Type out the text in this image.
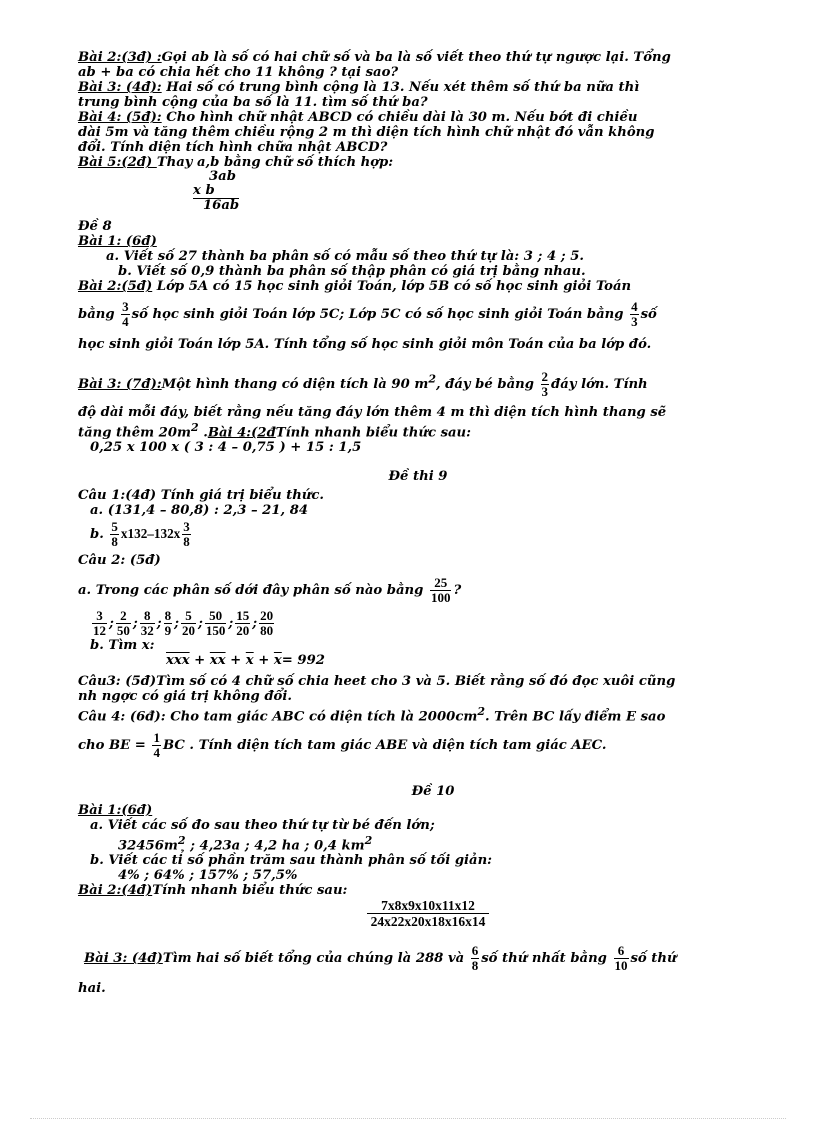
Bài 2:(3đ) :Gọi ab là số có hai chữ số và ba là số viết theo thứ tự ngược lại. Tổng

ab + ba có chia hết cho 11 không ? tại sao?

Bài 3: (4đ): Hai số có trung bình cộng là 13. Nếu xét thêm số thứ ba nữa thì

trung bình cộng của ba số là 11. tìm số thứ ba?

Bài 4: (5đ): Cho hình chữ nhật ABCD có chiều dài là 30 m. Nếu bớt đi chiều

dài 5m và tăng thêm chiều rộng 2 m thì diện tích hình chữ nhật đó vẫn không

đổi. Tính diện tích hình chữa nhật ABCD?

Bài 5:(2đ) Thay a,b bằng chữ số thích hợp:

3ab
x b
16ab

Đề 8

Bài 1: (6đ)

a. Viết số 27 thành ba phân số có mẫu số theo thứ tự là: 3 ; 4 ; 5.

b. Viết số 0,9 thành ba phân số thập phân có giá trị bằng nhau.

Bài 2:(5đ) Lớp 5A có 15 học sinh giỏi Toán, lớp 5B có số học sinh giỏi Toán

bằng $\frac{3}{4}$ số học sinh giỏi Toán lớp 5C; Lớp 5C có số học sinh giỏi Toán bằng $\frac{4}{3}$ số

học sinh giỏi Toán lớp 5A. Tính tổng số học sinh giỏi môn Toán của ba lớp đó.

Bài 3: (7đ):Một hình thang có diện tích là 90 $m^2$, đáy bé bằng $\frac{2}{3}$ đáy lớn. Tính

độ dài mỗi đáy, biết rằng nếu tăng đáy lớn thêm 4 m thì diện tích hình thang sẽ

tăng thêm $20m^2$ .Bài 4:(2đTính nhanh biểu thức sau:

0,25 x 100 x ( 3 : 4 – 0,75 ) + 15 : 1,5

Đề thi 9

Câu 1:(4đ) Tính giá trị biểu thức.

a. (131,4 – 80,8) : 2,3 – 21, 84

b. $\frac{5}{8} x132-132x \frac{3}{8}$

Câu 2: (5đ)

a. Trong các phân số dới đây phân số nào bằng $\frac{25}{100}$ ?

$\frac{3}{12}$ ; $\frac{2}{50}$ ; $\frac{8}{32}$ ; $\frac{8}{9}$ ; $\frac{5}{20}$ ; $\frac{50}{150}$ ; $\frac{15}{20}$ ; $\frac{20}{80}$

b. Tìm x:

$\overline{xxx} + \overline{xx} + \overline{x} + \overline{x}= 992$

Câu3: (5đ)Tìm số có 4 chữ số chia heet cho 3 và 5. Biết rằng số đó đọc xuôi cũng

nh ngợc có giá trị không đổi.

Câu 4: (6đ): Cho tam giác ABC có diện tích là $2000cm^2$. Trên BC lấy điểm E sao

cho BE = $\frac{1}{4}$ BC . Tính diện tích tam giác ABE và diện tích tam giác AEC.

Đề 10

Bài 1:(6đ)

a. Viết các số đo sau theo thứ tự từ bé đến lớn;

$32456m^2$ ; 4,23a ; 4,2 ha ; 0,4 $km^2$

b. Viết các tỉ số phần trăm sau thành phân số tối giản:

4% ; 64% ; 157% ; 57,5%

Bài 2:(4đ)Tính nhanh biểu thức sau:

$\frac{7x8x9x10x11x12}{24x22x20x18x16x14}$

Bài 3: (4đ)Tìm hai số biết tổng của chúng là 288 và $\frac{6}{8}$ số thứ nhất bằng $\frac{6}{10}$ số thứ

hai.
